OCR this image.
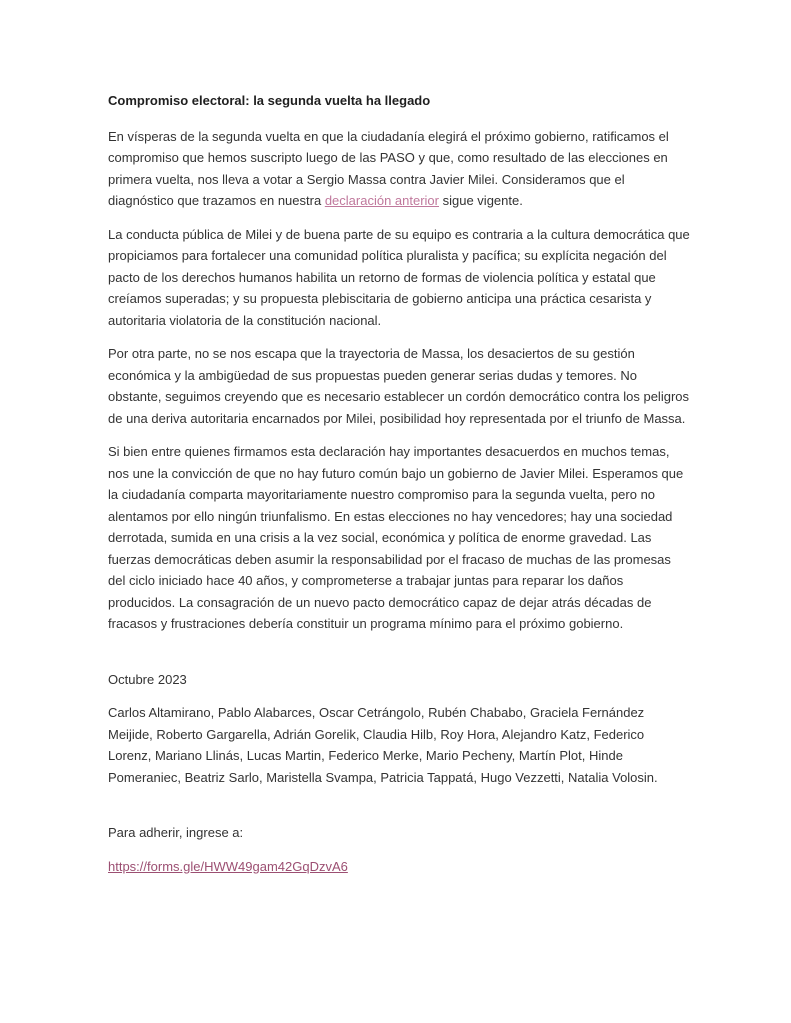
Compromiso electoral: la segunda vuelta ha llegado

En vísperas de la segunda vuelta en que la ciudadanía elegirá el próximo gobierno, ratificamos el compromiso que hemos suscripto luego de las PASO y que, como resultado de las elecciones en primera vuelta, nos lleva a votar a Sergio Massa contra Javier Milei. Consideramos que el diagnóstico que trazamos en nuestra declaración anterior sigue vigente.

La conducta pública de Milei y de buena parte de su equipo es contraria a la cultura democrática que propiciamos para fortalecer una comunidad política pluralista y pacífica; su explícita negación del pacto de los derechos humanos habilita un retorno de formas de violencia política y estatal que creíamos superadas; y su propuesta plebiscitaria de gobierno anticipa una práctica cesarista y autoritaria violatoria de la constitución nacional.

Por otra parte, no se nos escapa que la trayectoria de Massa, los desaciertos de su gestión económica y la ambigüedad de sus propuestas pueden generar serias dudas y temores. No obstante, seguimos creyendo que es necesario establecer un cordón democrático contra los peligros de una deriva autoritaria encarnados por Milei, posibilidad hoy representada por el triunfo de Massa.

Si bien entre quienes firmamos esta declaración hay importantes desacuerdos en muchos temas, nos une la convicción de que no hay futuro común bajo un gobierno de Javier Milei. Esperamos que la ciudadanía comparta mayoritariamente nuestro compromiso para la segunda vuelta, pero no alentamos por ello ningún triunfalismo. En estas elecciones no hay vencedores; hay una sociedad derrotada, sumida en una crisis a la vez social, económica y política de enorme gravedad. Las fuerzas democráticas deben asumir la responsabilidad por el fracaso de muchas de las promesas del ciclo iniciado hace 40 años, y comprometerse a trabajar juntas para reparar los daños producidos. La consagración de un nuevo pacto democrático capaz de dejar atrás décadas de fracasos y frustraciones debería constituir un programa mínimo para el próximo gobierno.

Octubre 2023

Carlos Altamirano, Pablo Alabarces, Oscar Cetrángolo, Rubén Chababo, Graciela Fernández Meijide, Roberto Gargarella, Adrián Gorelik, Claudia Hilb, Roy Hora, Alejandro Katz, Federico Lorenz, Mariano Llinás, Lucas Martin, Federico Merke, Mario Pecheny, Martín Plot, Hinde Pomeraniec, Beatriz Sarlo, Maristella Svampa, Patricia Tappatá, Hugo Vezzetti, Natalia Volosin.

Para adherir, ingrese a:

https://forms.gle/HWW49gam42GqDzvA6
